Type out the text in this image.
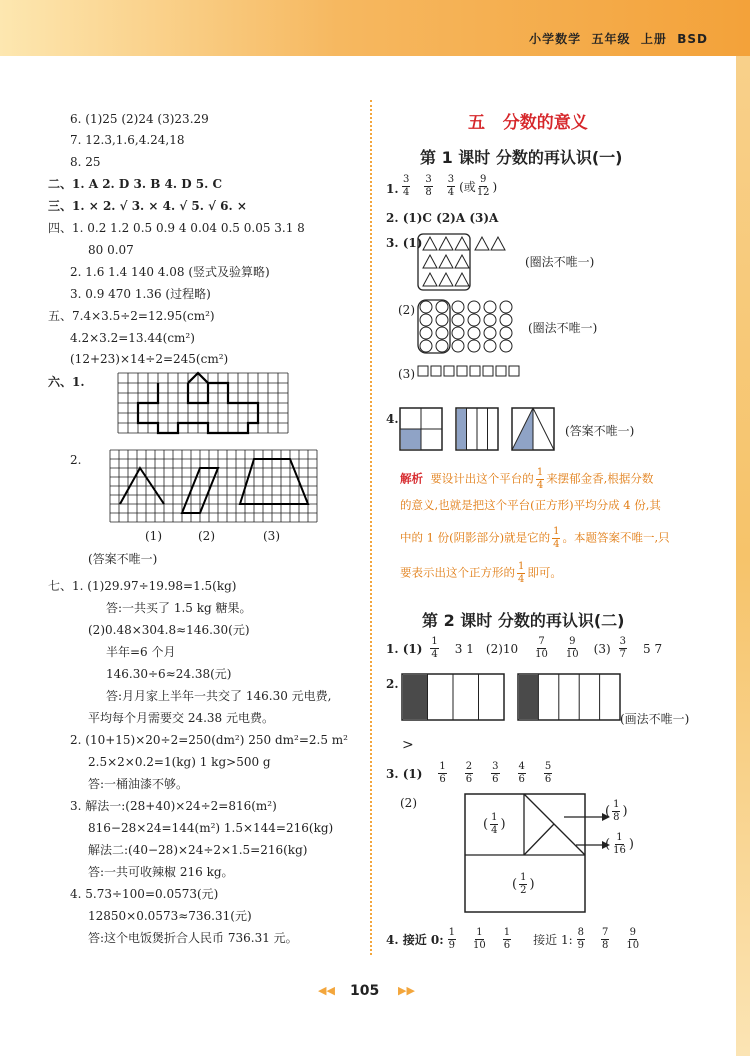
小学数学 五年级 上册 BSD
6. (1)25 (2)24 (3)23.29
7. 12.3,1.6,4.24,18
8. 25
二、1. A 2. D 3. B 4. D 5. C
三、1. × 2. √ 3. × 4. √ 5. √ 6. ×
四、1. 0.2 1.2 0.5 0.9 4 0.04 0.5 0.05 3.1 8
80 0.07
2. 1.6 1.4 140 4.08 (竖式及验算略)
3. 0.9 470 1.36 (过程略)
五、7.4×3.5÷2=12.95(cm²)
4.2×3.2=13.44(cm²)
(12+23)×14÷2=245(cm²)
六、1.
2.
(1)	(2)	(3)
(答案不唯一)
七、1. (1)29.97÷19.98=1.5(kg)
答:一共买了 1.5 kg 糖果。
(2)0.48×304.8≈146.30(元)
半年=6 个月
146.30÷6≈24.38(元)
答:月月家上半年一共交了 146.30 元电费,
平均每个月需要交 24.38 元电费。
2. (10+15)×20÷2=250(dm²) 250 dm²=2.5 m²
2.5×2×0.2=1(kg) 1 kg>500 g
答:一桶油漆不够。
3. 解法一:(28+40)×24÷2=816(m²)
816−28×24=144(m²) 1.5×144=216(kg)
解法二:(40−28)×24÷2×1.5=216(kg)
答:一共可收辣椒 216 kg。
4. 5.73÷100=0.0573(元)
12850×0.0573≈736.31(元)
答:这个电饭煲折合人民币 736.31 元。
五 分数的意义
第 1 课时 分数的再认识(一)
1. $\frac{3}{4} \frac{3}{8} \frac{3}{4}$ (或 $\frac{9}{12}$ )
2. (1)C (2)A (3)A
3. (1)
(圈法不唯一)
(2)
(圈法不唯一)
(3)
4.
(答案不唯一)
解析 要设计出这个平台的 $\frac{1}{4}$ 来摆郁金香,根据分数
的意义,也就是把这个平台(正方形)平均分成 4 份,其
中的 1 份(阴影部分)就是它的 $\frac{1}{4}$ 。本题答案不唯一,只
要表示出这个正方形的 $\frac{1}{4}$ 即可。
第 2 课时 分数的再认识(二)
1. $(1) \frac{1}{4} 3$ 1 $(2)10 \frac{7}{10} \frac{9}{10} (3) \frac{3}{7} 5$ 7
2.
(画法不唯一)
>
3. $(1) \frac{1}{6} \frac{2}{6} \frac{3}{6} \frac{4}{6} \frac{5}{6}$
(2)
( $\frac{1}{4}$ )
( $\frac{1}{2}$ )
( $\frac{1}{8}$ )
( $\frac{1}{16}$ )
4. 接近 0: $\frac{1}{9} \frac{1}{10} \frac{1}{6}$ 接近 1: $\frac{8}{9} \frac{7}{8} \frac{9}{10}$
◀◀ 105 ▶▶
